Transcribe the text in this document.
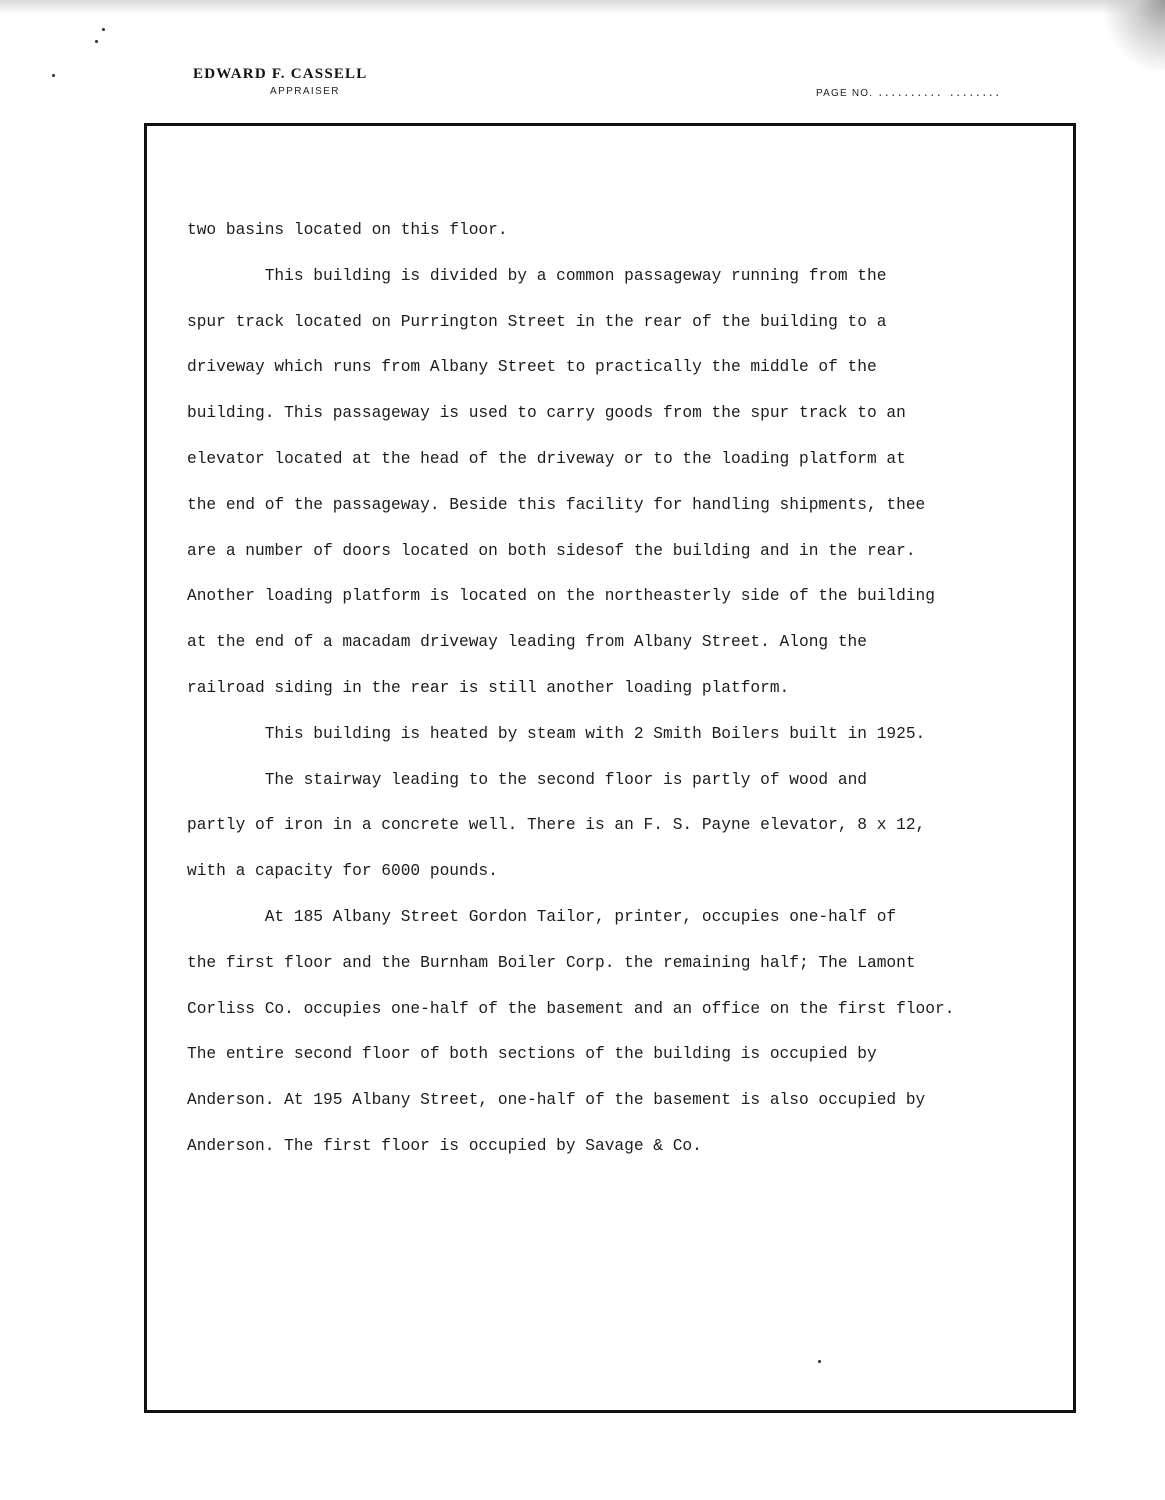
EDWARD F. CASSELL
APPRAISER	PAGE NO. .......... ........

two basins located on this floor.

This building is divided by a common passageway running from the
spur track located on Purrington Street in the rear of the building to a
driveway which runs from Albany Street to practically the middle of the
building. This passageway is used to carry goods from the spur track to an
elevator located at the head of the driveway or to the loading platform at
the end of the passageway. Beside this facility for handling shipments, thee
are a number of doors located on both sidesof the building and in the rear.
Another loading platform is located on the northeasterly side of the building
at the end of a macadam driveway leading from Albany Street. Along the
railroad siding in the rear is still another loading platform.

This building is heated by steam with 2 Smith Boilers built in 1925.

The stairway leading to the second floor is partly of wood and
partly of iron in a concrete well. There is an F. S. Payne elevator, 8 x 12,
with a capacity for 6000 pounds.

At 185 Albany Street Gordon Tailor, printer, occupies one-half of
the first floor and the Burnham Boiler Corp. the remaining half; The Lamont
Corliss Co. occupies one-half of the basement and an office on the first floor.
The entire second floor of both sections of the building is occupied by
Anderson. At 195 Albany Street, one-half of the basement is also occupied by
Anderson. The first floor is occupied by Savage & Co.
